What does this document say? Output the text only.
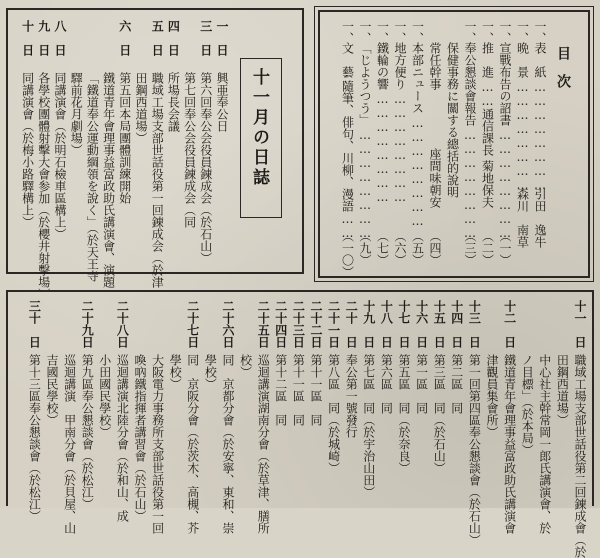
十一月の日誌
一　日
興亜奉公日
三　日
第六回奉公会役員錬成会（於石山）
第七回奉公会役員錬成会（同
四　日
所場長会議
五　日
職域工場支部世話役第一回錬成会（於津
田鋼西道場）
六　日
第五回本局團體訓練開始
鐵道青年會理事益富政助氏講演會、演題
「鐵道奉公運動綱領を說く」（於天王寺
驛前花月劇場）
八　日
同講演會（於明石檢車區構上）
九　日
各學校團體射擊大會参加（於櫻井射擊場）
十　日
同講演會（於梅小路驛構上）
目　次
一、
表　紙
……………………
引田　逸牛
一、
晩　景
……………………
森川　南草
一、
宣戰布告の詔書
……………………
（一）
一、
推　進
……通信課長
菊地保夫
（二）
一、
奉公懇談會報告
……………………
（三）
保健事務に關する總括的說明
常任幹事
座間味朝安
（四）
一、
本部ニュース
……………………
（五）
一、
地方便り
……………………
（六）
一、
鐵輪の響
……………………
（七）
一、
「じようつう」
……………………
（九）
一、
文　藝
隨筆、俳句、川柳、漫語……
（一〇）
十一　日
職域工場支部世話役第二回錬成會（於
田鋼西道場）
中心社主幹常岡一郎氏講演會、於
ノ目標」（於本局）
十二　日
鐵道青年會理事益富政助氏講演會
津觀員集會所）
十三　日
第一回第四區奉公懇談會（於石山）
十四　日
第二區　同
十五　日
第三區　同（於石山）
十六　日
第一區　同
十七　日
第五區　同（於奈良）
十八　日
第六區　同
十九　日
第七區　同（於宇治山田）
二十　日
奉公第一號發行
二十一日
第八區　同（於城崎）
二十二日
第十一區　同
二十三日
第十一區　同
二十四日
第十二區　同
二十五日
巡迴講演湖南分會（於草津、膳所
校）
二十六日
同　京都分會（於安寧、東和、崇
學校）
二十七日
同　京阪分會（於茨木、高槻、芥
學校）
大阪電力事務所支部世話役第一回
喚吶鐵指揮者講習會（於石山）
二十八日
巡迴講演北陸分會（於和山、成
小田國民學校）
二十九日
第九區奉公懇談會（於松江）
巡迴講演　甲南分會（於貝屋、山
吉國民學校）
三十　日
第十三區奉公懇談會（於松江）
